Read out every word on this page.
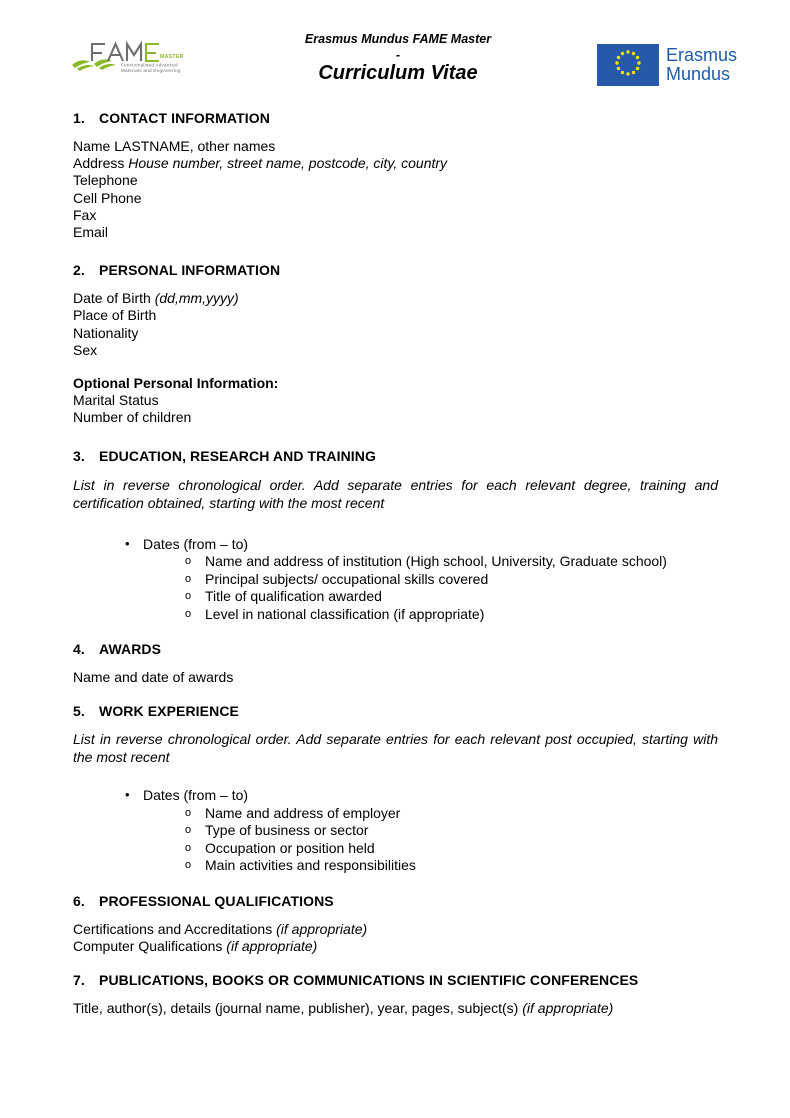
MASTER
Functionalised Advanced
Materials and Engineering
Erasmus Mundus FAME Master
-
Curriculum Vitae
Erasmus
Mundus
1. CONTACT INFORMATION

Name LASTNAME, other names

Address House number, street name, postcode, city, country

Telephone

Cell Phone

Fax

Email

2. PERSONAL INFORMATION

Date of Birth (dd,mm,yyyy)

Place of Birth

Nationality

Sex

Optional Personal Information:

Marital Status

Number of children

3. EDUCATION, RESEARCH AND TRAINING

List in reverse chronological order. Add separate entries for each relevant degree, training and certification obtained, starting with the most recent

• Dates (from – to)
o Name and address of institution (High school, University, Graduate school)
o Principal subjects/ occupational skills covered
o Title of qualification awarded
o Level in national classification (if appropriate)
4. AWARDS

Name and date of awards

5. WORK EXPERIENCE

List in reverse chronological order. Add separate entries for each relevant post occupied, starting with the most recent

• Dates (from – to)
o Name and address of employer
o Type of business or sector
o Occupation or position held
o Main activities and responsibilities
6. PROFESSIONAL QUALIFICATIONS

Certifications and Accreditations (if appropriate)

Computer Qualifications (if appropriate)

7. PUBLICATIONS, BOOKS OR COMMUNICATIONS IN SCIENTIFIC CONFERENCES

Title, author(s), details (journal name, publisher), year, pages, subject(s) (if appropriate)
